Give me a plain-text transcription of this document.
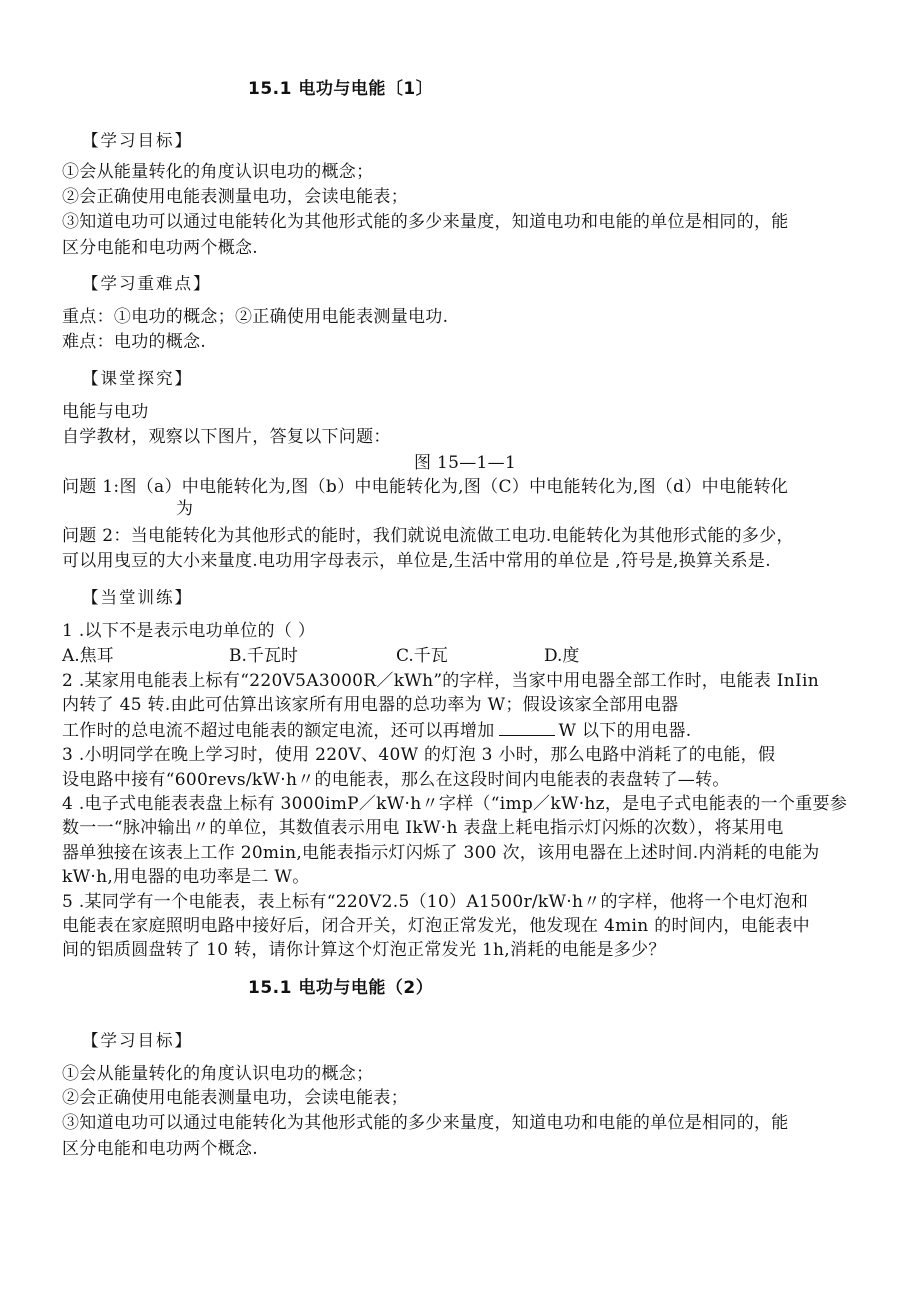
15.1 电功与电能〔1〕
【学习目标】
①会从能量转化的角度认识电功的概念；
②会正确使用电能表测量电功，会读电能表；
③知道电功可以通过电能转化为其他形式能的多少来量度，知道电功和电能的单位是相同的，能
区分电能和电功两个概念.
【学习重难点】
重点：①电功的概念；②正确使用电能表测量电功.
难点：电功的概念.
【课堂探究】
电能与电功
自学教材，观察以下图片，答复以下问题：
图 15—1—1
问题 1:图（a）中电能转化为,图（b）中电能转化为,图（C）中电能转化为,图（d）中电能转化
为
问题 2：当电能转化为其他形式的能时，我们就说电流做工电功.电能转化为其他形式能的多少，
可以用曳豆的大小来量度.电功用字母表示，单位是,生活中常用的单位是 ,符号是,换算关系是.
【当堂训练】
1 .以下不是表示电功单位的（ ）
A.焦耳	B.千瓦时	C.千瓦	D.度
2 .某家用电能表上标有“220V5A3000R／kWh”的字样，当家中用电器全部工作时，电能表 InIin
内转了 45 转.由此可估算出该家所有用电器的总功率为 W；假设该家全部用电器
工作时的总电流不超过电能表的额定电流，还可以再增加	W 以下的用电器.
3 .小明同学在晚上学习时，使用 220V、40W 的灯泡 3 小时，那么电路中消耗了的电能，假
设电路中接有“600revs/kW·h〃的电能表，那么在这段时间内电能表的表盘转了—转。
4 .电子式电能表表盘上标有 3000imP／kW·h〃字样（“imp／kW·hz，是电子式电能表的一个重要参
数一一“脉冲输出〃的单位，其数值表示用电 IkW·h 表盘上耗电指示灯闪烁的次数），将某用电
器单独接在该表上工作 20min,电能表指示灯闪烁了 300 次，该用电器在上述时间.内消耗的电能为
kW·h,用电器的电功率是二 W。
5 .某同学有一个电能表，表上标有“220V2.5（10）A1500r/kW·h〃的字样，他将一个电灯泡和
电能表在家庭照明电路中接好后，闭合开关，灯泡正常发光，他发现在 4min 的时间内，电能表中
间的铝质圆盘转了 10 转，请你计算这个灯泡正常发光 1h,消耗的电能是多少？
15.1 电功与电能（2）
【学习目标】
①会从能量转化的角度认识电功的概念；
②会正确使用电能表测量电功，会读电能表；
③知道电功可以通过电能转化为其他形式能的多少来量度，知道电功和电能的单位是相同的，能
区分电能和电功两个概念.
